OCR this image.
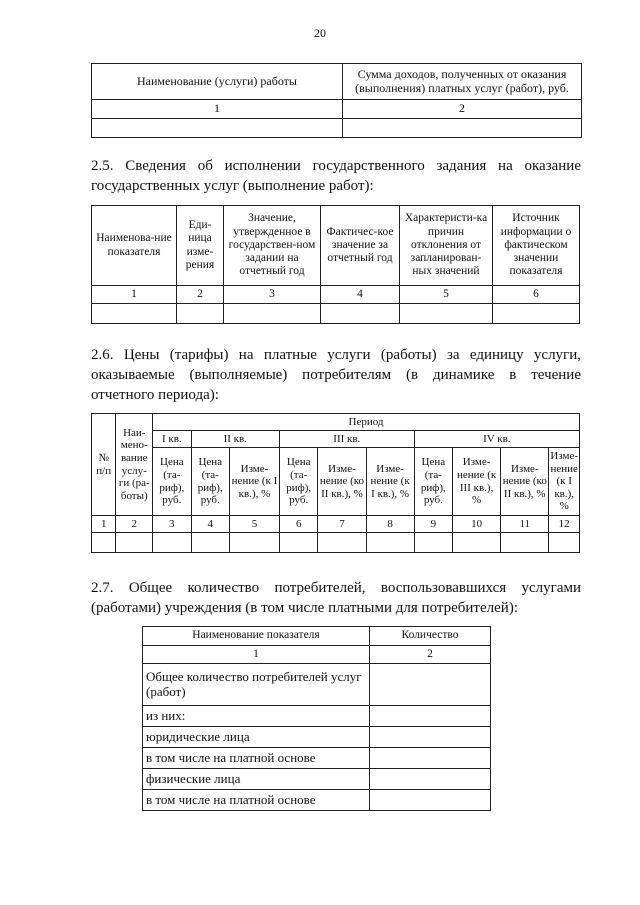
20
Наименование (услуги) работы	Сумма доходов, полученных от оказания (выполнения) платных услуг (работ), руб.
1	2

2.5. Сведения об исполнении государственного задания на оказание
государственных услуг (выполнение работ):
Наименова-ние показателя	Еди-ница изме-рения	Значение, утвержденное в государствен-ном задании на отчетный год	Фактичес-кое значение за отчетный год	Характеристи-ка причин отклонения от запланирован-ных значений	Источник информации о фактическом значении показателя
1	2	3	4	5	6

2.6. Цены (тарифы) на платные услуги (работы) за единицу услуги,
оказываемые (выполняемые) потребителям (в динамике в течение
отчетного периода):
№ п/п	Наи-мено-вание услу-ги (ра-боты)	Период									
		I кв.	II кв.		III кв.			IV кв.			
		Цена (та-риф), руб.	Цена (та-риф), руб.	Изме-нение (к I кв.), %	Цена (та-риф), руб.	Изме-нение (ко II кв.), %	Изме-нение (к I кв.), %	Цена (та-риф), руб.	Изме-нение (к III кв.), %	Изме-нение (ко II кв.), %	Изме-нение (к I кв.), %
1	2	3	4	5	6	7	8	9	10	11	12

2.7. Общее количество потребителей, воспользовавшихся услугами
(работами) учреждения (в том числе платными для потребителей):
Наименование показателя	Количество
1	2
Общее количество потребителей услуг (работ)	
из них:	
юридические лица	
в том числе на платной основе	
физические лица	
в том числе на платной основе	
